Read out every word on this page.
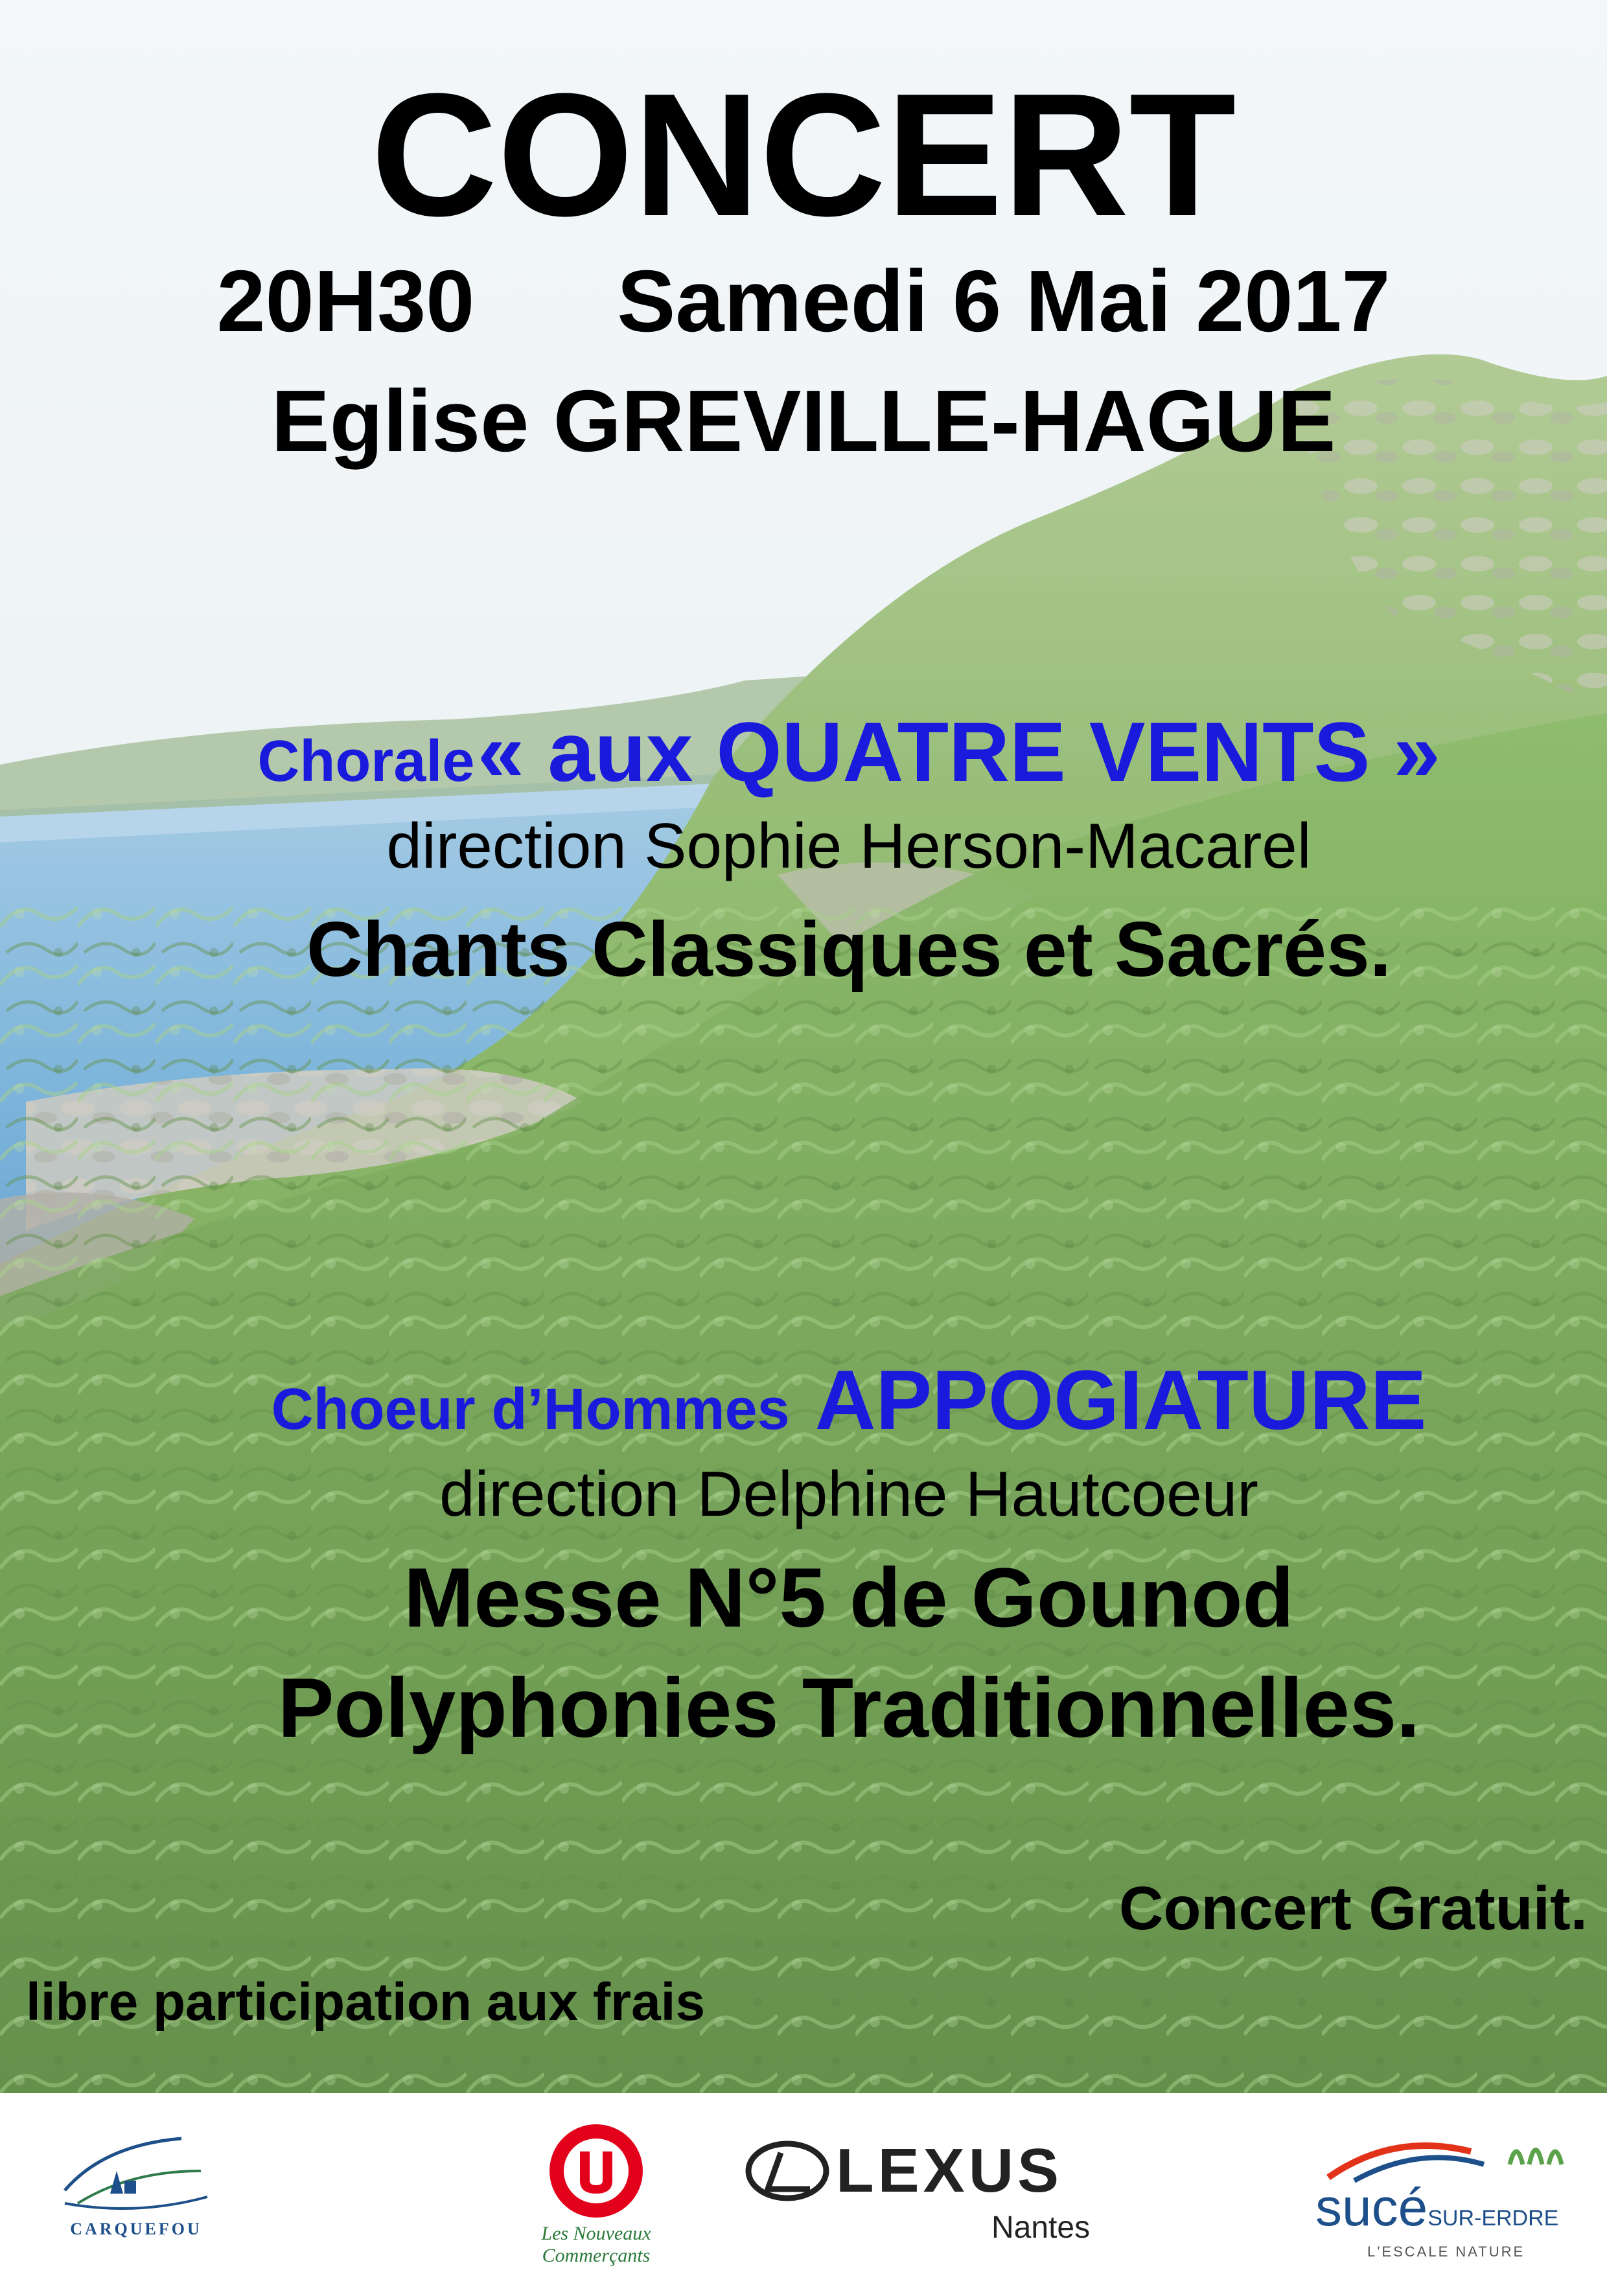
CONCERT

20H30 Samedi 6 Mai 2017

Eglise GREVILLE-HAGUE

Chorale « aux QUATRE VENTS »

direction Sophie Herson-Macarel

Chants Classiques et Sacrés.

Choeur d’Hommes APPOGIATURE

direction Delphine Hautcoeur

Messe N°5 de Gounod

Polyphonies Traditionnelles.

Concert Gratuit.

libre participation aux frais

CARQUEFOU	Les Nouveaux Commerçants
LEXUS
Nantes	sucéSUR-ERDRE
L'ESCALE NATURE
